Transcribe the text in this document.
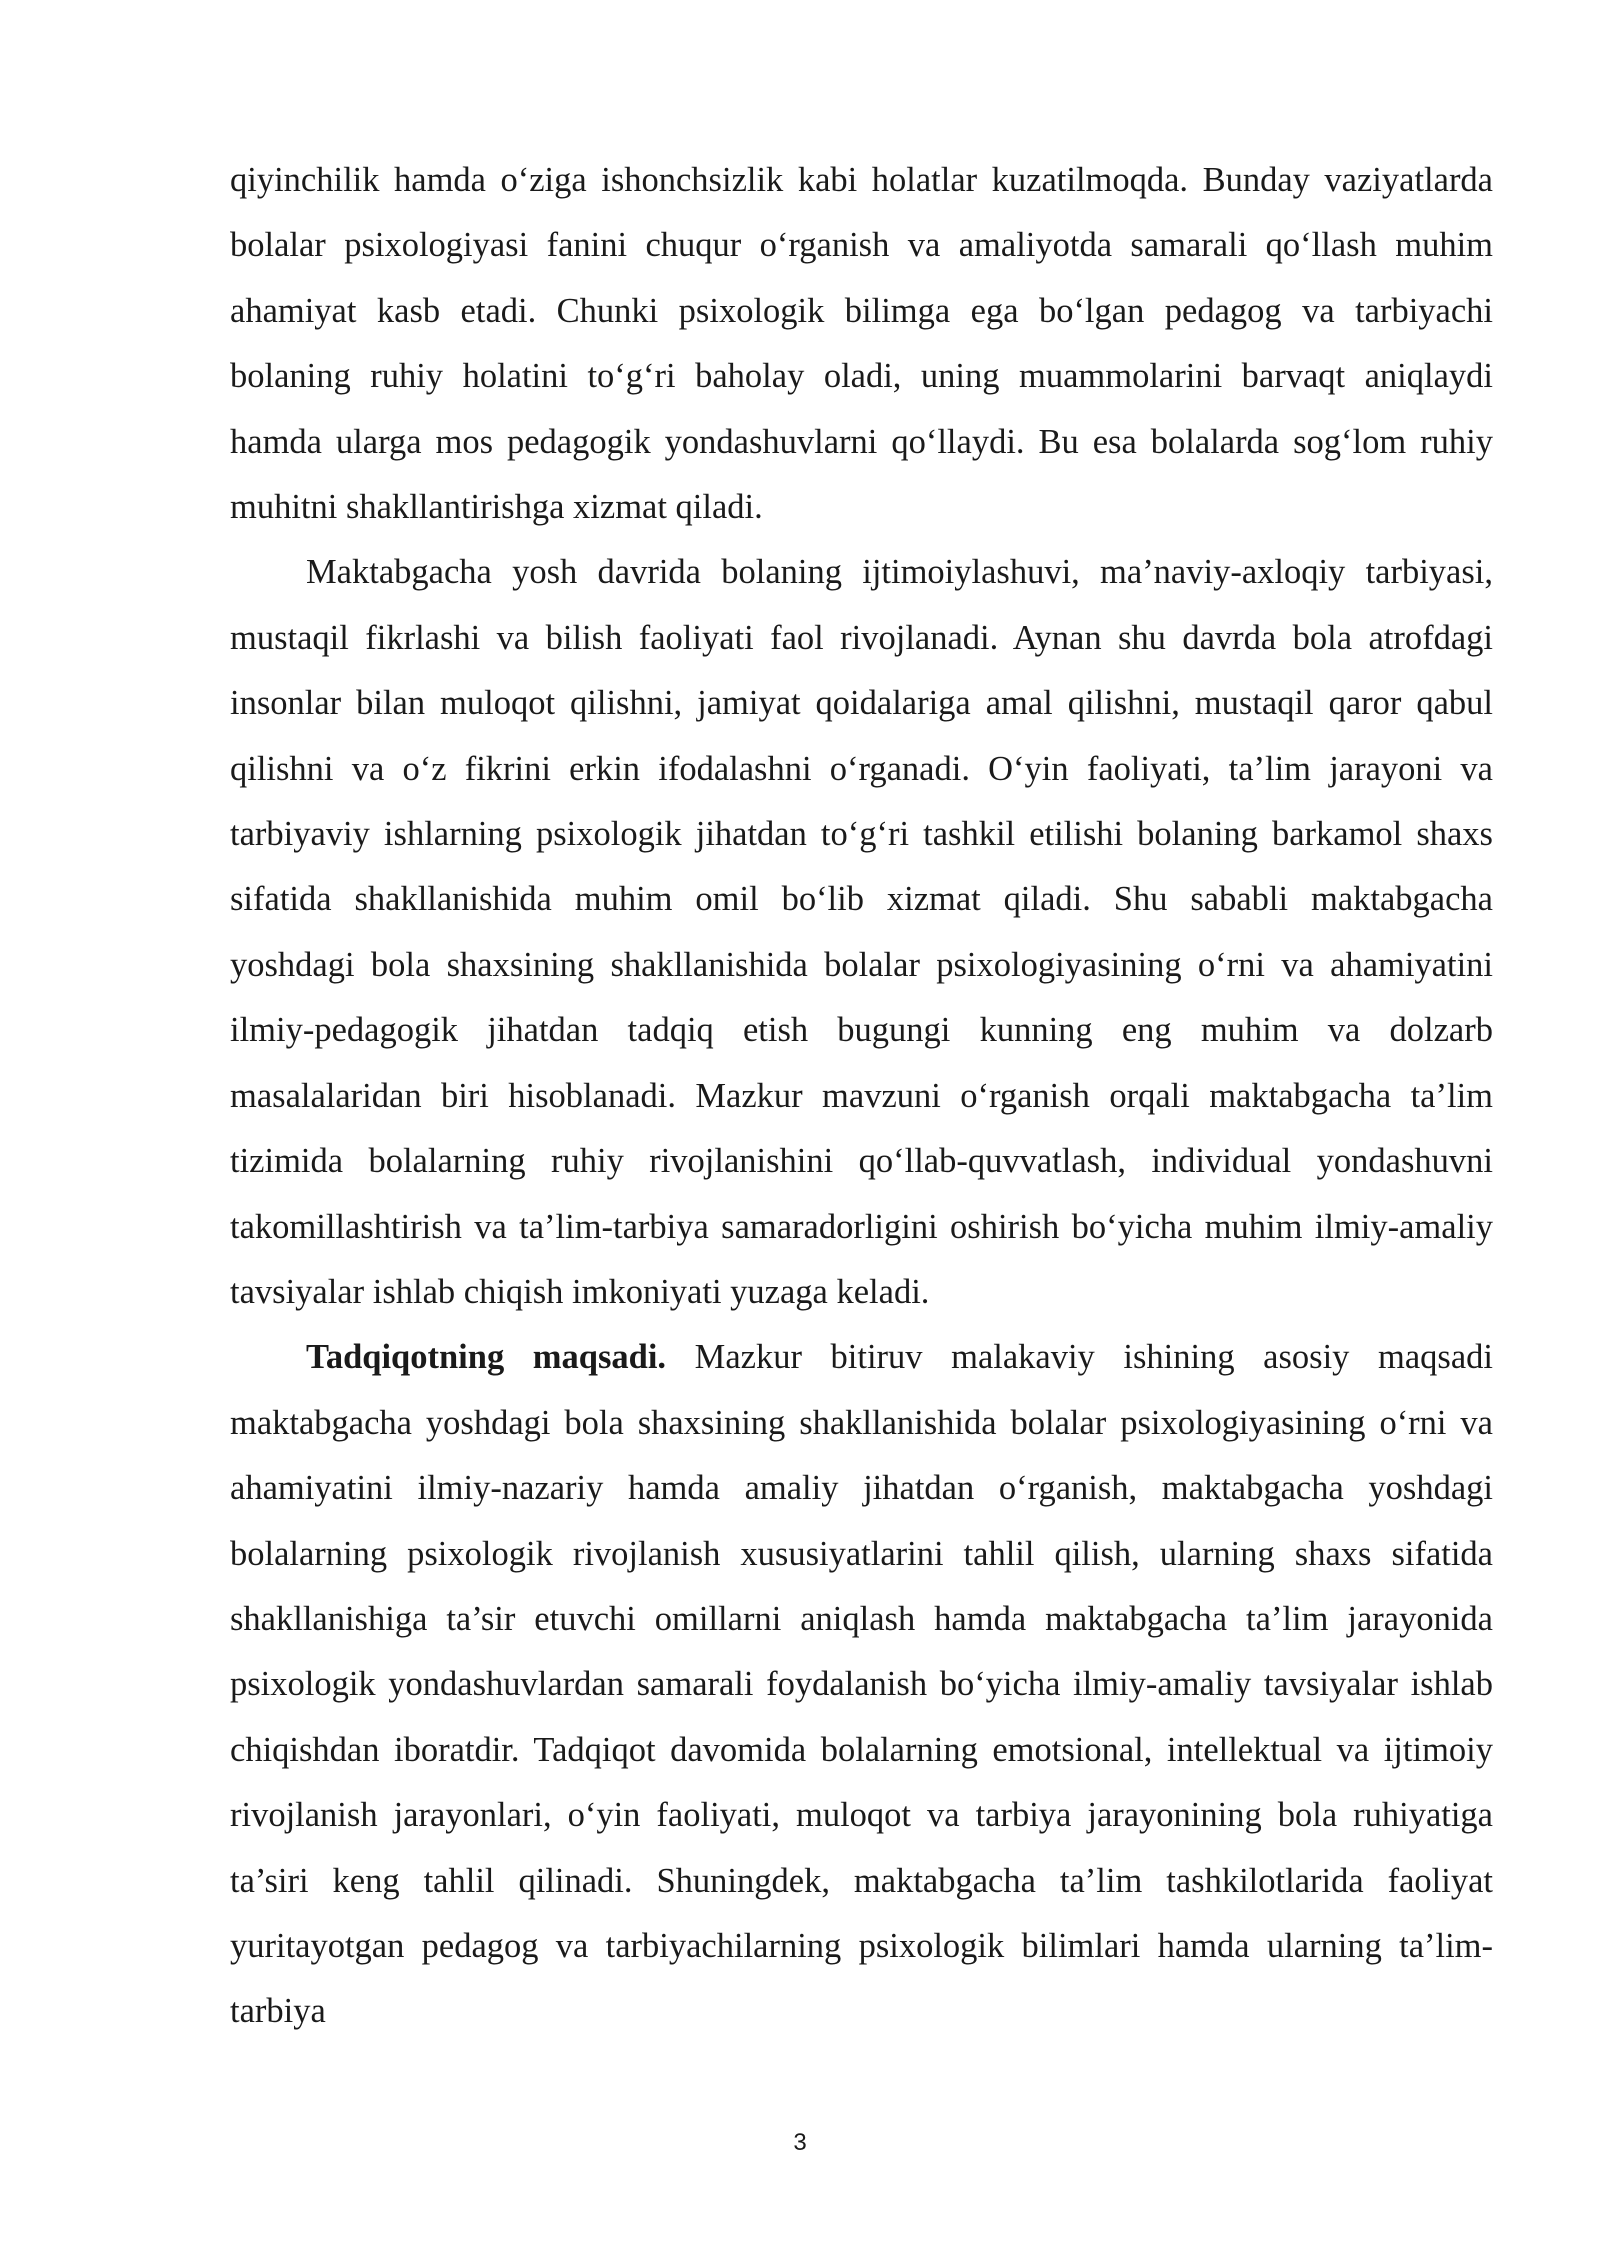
qiyinchilik hamda o‘ziga ishonchsizlik kabi holatlar kuzatilmoqda. Bunday vaziyatlarda bolalar psixologiyasi fanini chuqur o‘rganish va amaliyotda samarali qo‘llash muhim ahamiyat kasb etadi. Chunki psixologik bilimga ega bo‘lgan pedagog va tarbiyachi bolaning ruhiy holatini to‘g‘ri baholay oladi, uning muammolarini barvaqt aniqlaydi hamda ularga mos pedagogik yondashuvlarni qo‘llaydi. Bu esa bolalarda sog‘lom ruhiy muhitni shakllantirishga xizmat qiladi.

Maktabgacha yosh davrida bolaning ijtimoiylashuvi, ma’naviy-axloqiy tarbiyasi, mustaqil fikrlashi va bilish faoliyati faol rivojlanadi. Aynan shu davrda bola atrofdagi insonlar bilan muloqot qilishni, jamiyat qoidalariga amal qilishni, mustaqil qaror qabul qilishni va o‘z fikrini erkin ifodalashni o‘rganadi. O‘yin faoliyati, ta’lim jarayoni va tarbiyaviy ishlarning psixologik jihatdan to‘g‘ri tashkil etilishi bolaning barkamol shaxs sifatida shakllanishida muhim omil bo‘lib xizmat qiladi. Shu sababli maktabgacha yoshdagi bola shaxsining shakllanishida bolalar psixologiyasining o‘rni va ahamiyatini ilmiy-pedagogik jihatdan tadqiq etish bugungi kunning eng muhim va dolzarb masalalaridan biri hisoblanadi. Mazkur mavzuni o‘rganish orqali maktabgacha ta’lim tizimida bolalarning ruhiy rivojlanishini qo‘llab-quvvatlash, individual yondashuvni takomillashtirish va ta’lim-tarbiya samaradorligini oshirish bo‘yicha muhim ilmiy-amaliy tavsiyalar ishlab chiqish imkoniyati yuzaga keladi.

Tadqiqotning maqsadi. Mazkur bitiruv malakaviy ishining asosiy maqsadi maktabgacha yoshdagi bola shaxsining shakllanishida bolalar psixologiyasining o‘rni va ahamiyatini ilmiy-nazariy hamda amaliy jihatdan o‘rganish, maktabgacha yoshdagi bolalarning psixologik rivojlanish xususiyatlarini tahlil qilish, ularning shaxs sifatida shakllanishiga ta’sir etuvchi omillarni aniqlash hamda maktabgacha ta’lim jarayonida psixologik yondashuvlardan samarali foydalanish bo‘yicha ilmiy-amaliy tavsiyalar ishlab chiqishdan iboratdir. Tadqiqot davomida bolalarning emotsional, intellektual va ijtimoiy rivojlanish jarayonlari, o‘yin faoliyati, muloqot va tarbiya jarayonining bola ruhiyatiga ta’siri keng tahlil qilinadi. Shuningdek, maktabgacha ta’lim tashkilotlarida faoliyat yuritayotgan pedagog va tarbiyachilarning psixologik bilimlari hamda ularning ta’lim-tarbiya

3
